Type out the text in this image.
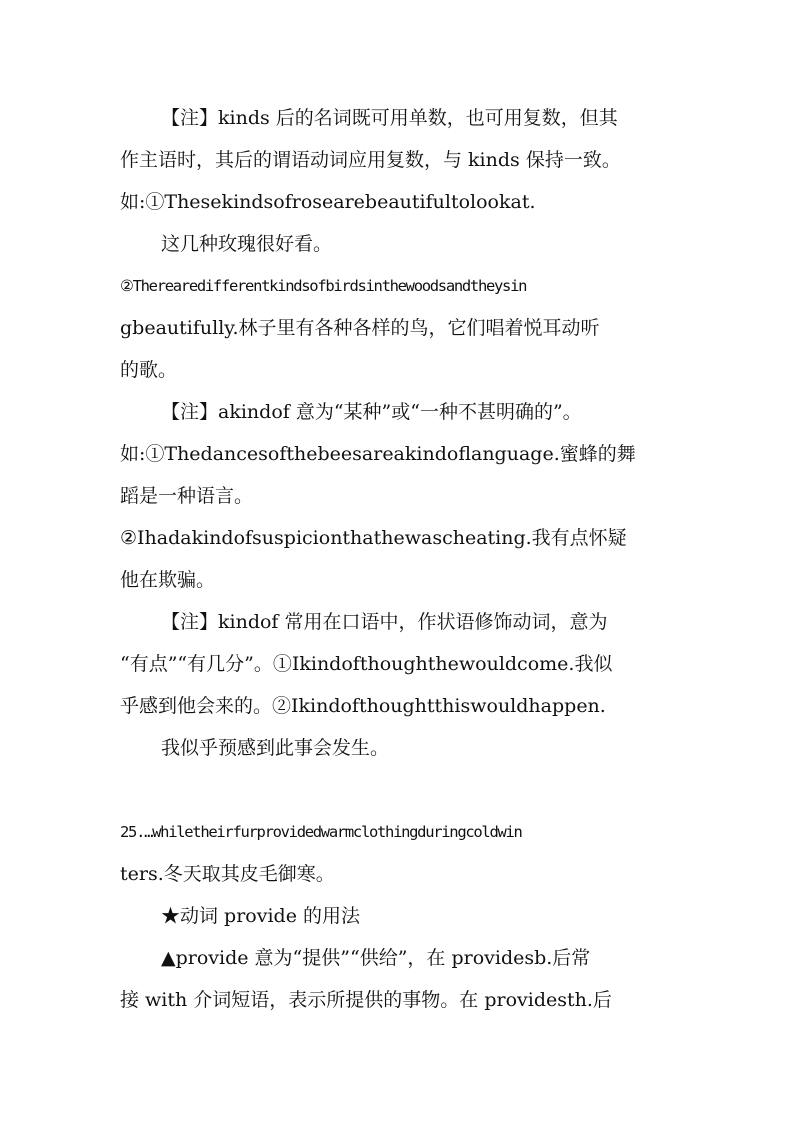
【注】kinds 后的名词既可用单数，也可用复数，但其
作主语时，其后的谓语动词应用复数，与 kinds 保持一致。
如:①Thesekindsofrosearebeautifultolookat.
这几种玫瑰很好看。
②Therearedifferentkindsofbirdsinthewoodsandtheysin
gbeautifully.林子里有各种各样的鸟，它们唱着悦耳动听
的歌。
【注】akindof 意为“某种”或“一种不甚明确的”。
如:①Thedancesofthebeesareakindoflanguage.蜜蜂的舞
蹈是一种语言。
②Ihadakindofsuspicionthathewascheating.我有点怀疑
他在欺骗。
【注】kindof 常用在口语中，作状语修饰动词，意为
“有点”“有几分”。①Ikindofthoughthewouldcome.我似
乎感到他会来的。②Ikindofthoughtthiswouldhappen.
我似乎预感到此事会发生。
25.…whiletheirfurprovidedwarmclothingduringcoldwin
ters.冬天取其皮毛御寒。
★动词 provide 的用法
▲provide 意为“提供”“供给”，在 providesb.后常
接 with 介词短语，表示所提供的事物。在 providesth.后
